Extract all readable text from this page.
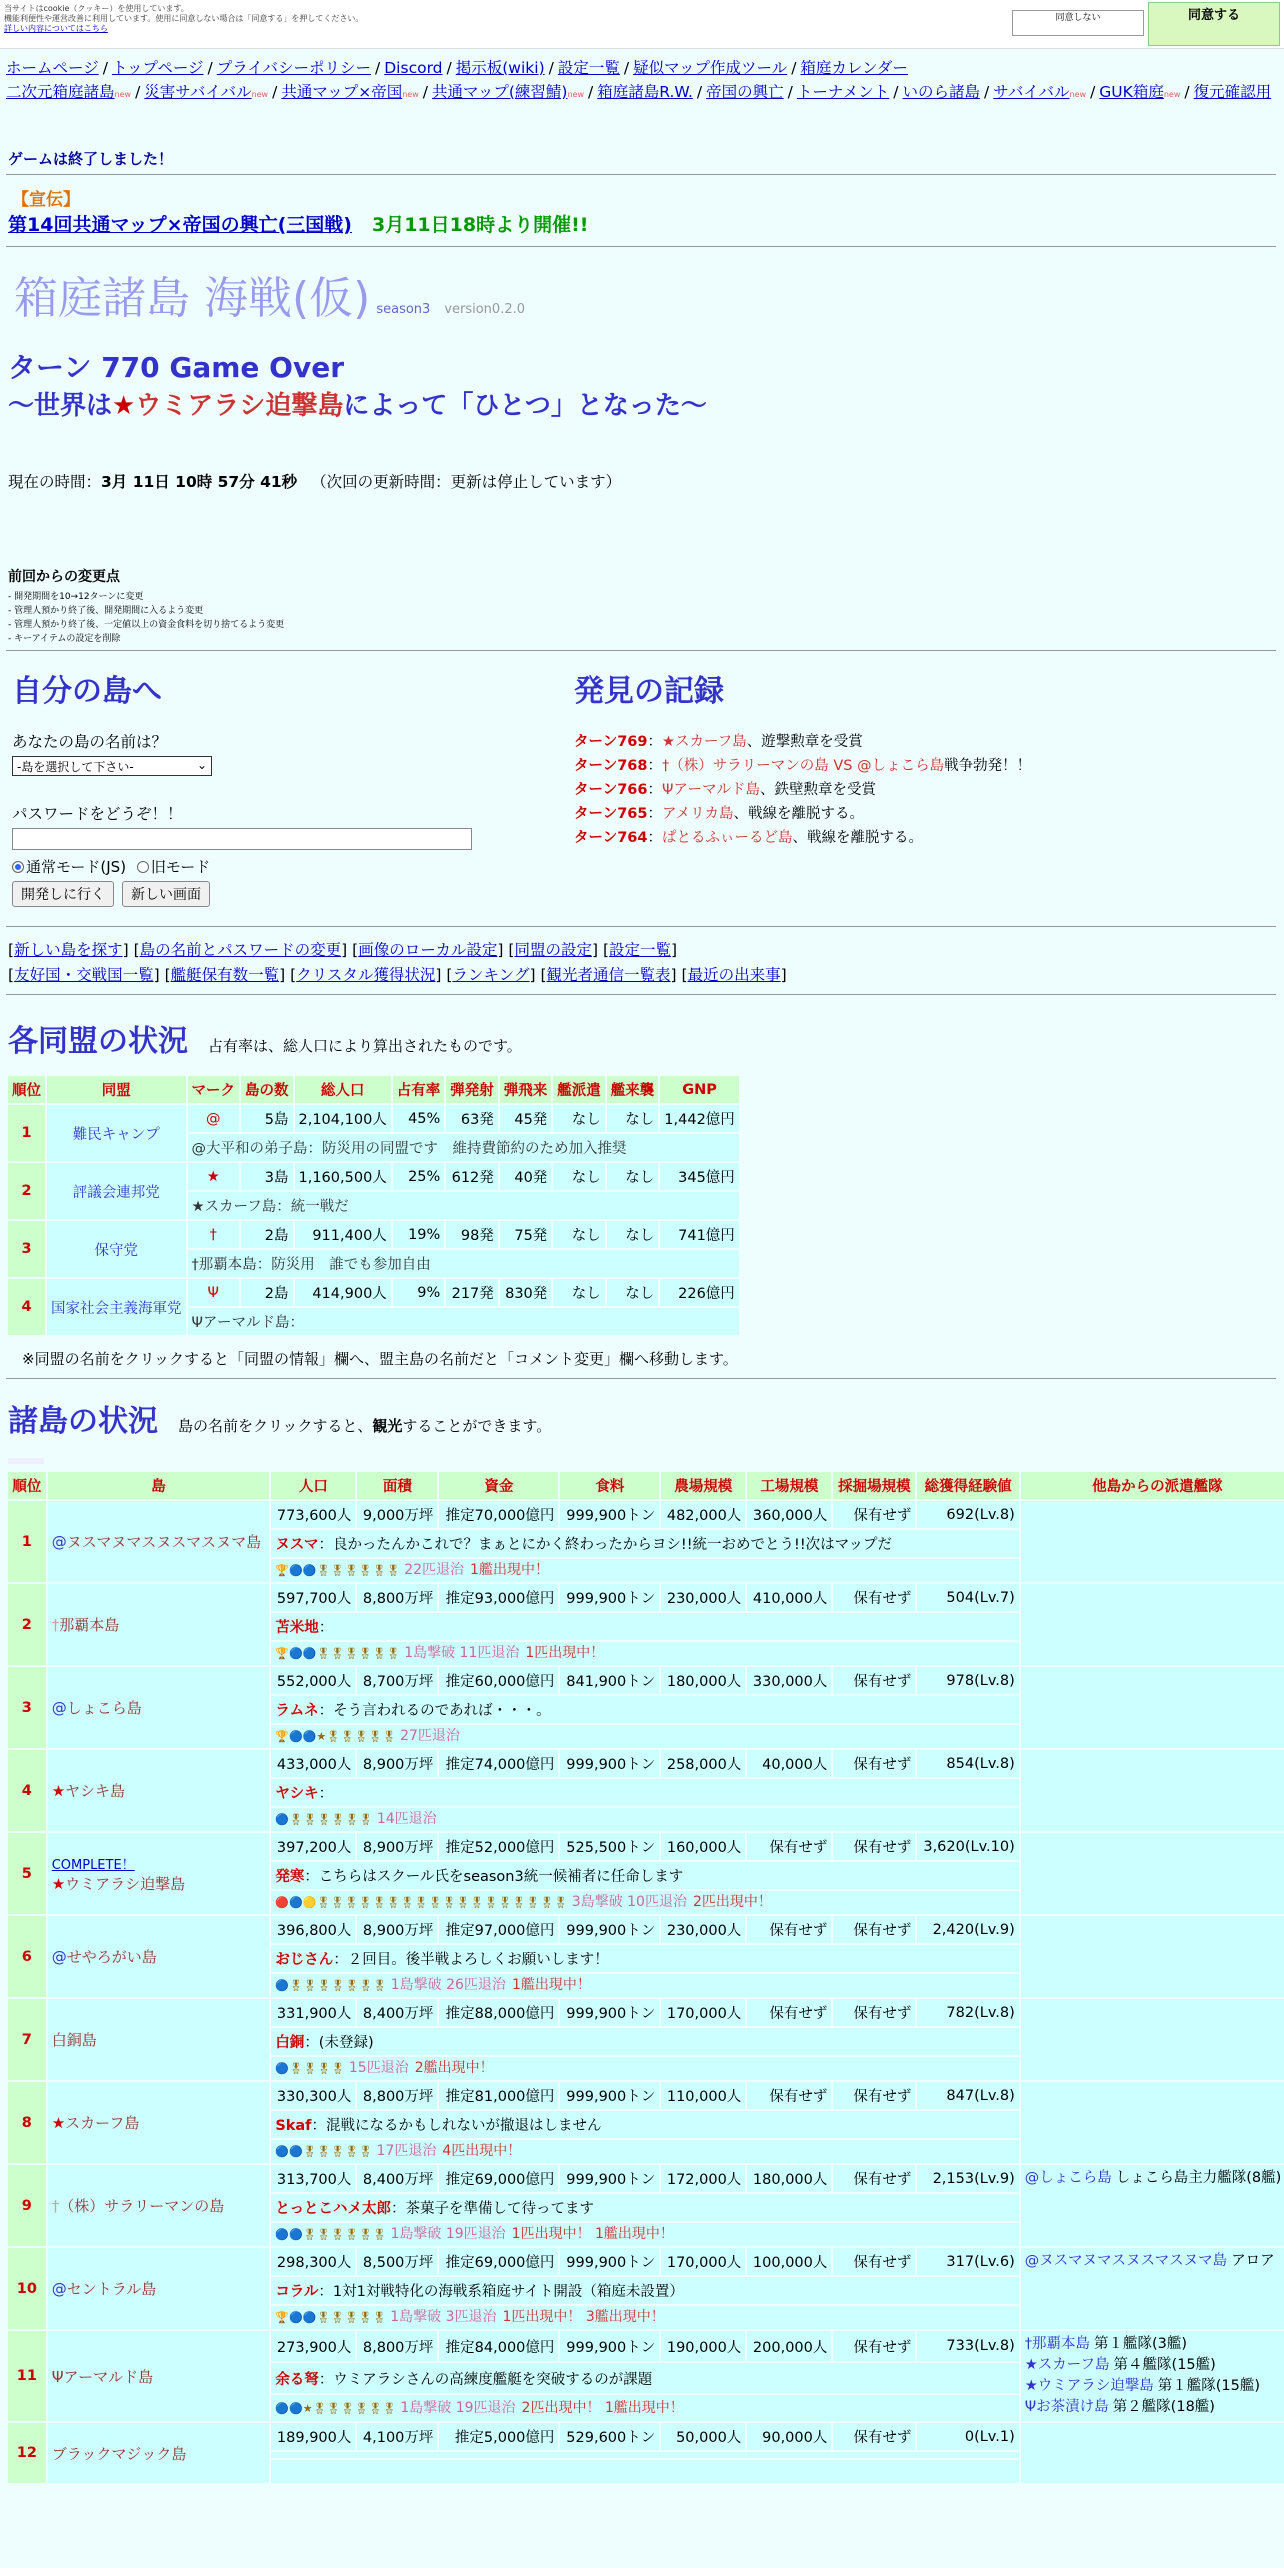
当サイトはcookie（クッキー）を使用しています。
機能利便性や運営改善に利用しています。使用に同意しない場合は「同意する」を押してください。
詳しい内容についてはこちら
同意しない	同意する
ホームページ / トップページ / プライバシーポリシー / Discord / 掲示板(wiki) / 設定一覧 / 疑似マップ作成ツール / 箱庭カレンダー
二次元箱庭諸島new / 災害サバイバルnew / 共通マップ×帝国new / 共通マップ(練習鯖)new / 箱庭諸島R.W. / 帝国の興亡 / トーナメント / いのら諸島 / サバイバルnew / GUK箱庭new / 復元確認用
ゲームは終了しました！
【宣伝】
第14回共通マップ×帝国の興亡(三国戦) 3月11日18時より開催!!
箱庭諸島 海戦(仮) season3 version0.2.0
ターン 770 Game Over
〜世界は★ウミアラシ迫撃島によって「ひとつ」となった〜
現在の時間：3月 11日 10時 57分 41秒 （次回の更新時間：更新は停止しています）
前回からの変更点
- 開発期間を10→12ターンに変更
- 管理人預かり終了後、開発期間に入るよう変更
- 管理人預かり終了後、一定値以上の資金食料を切り捨てるよう変更
- キーアイテムの設定を削除
自分の島へ
あなたの島の名前は？
-島を選択して下さい-	⌄
パスワードをどうぞ！！
通常モード(JS) 旧モード
開発しに行く 新しい画面
発見の記録
ターン769：★スカーフ島、遊撃勲章を受賞
ターン768：†（株）サラリーマンの島 VS @しょこら島戦争勃発！！
ターン766：Ψアーマルド島、鉄壁勲章を受賞
ターン765：アメリカ島、戦線を離脱する。
ターン764：ぱとるふぃーるど島、戦線を離脱する。
[新しい島を探す] [島の名前とパスワードの変更] [画像のローカル設定] [同盟の設定] [設定一覧]
[友好国・交戦国一覧] [艦艇保有数一覧] [クリスタル獲得状況] [ランキング] [観光者通信一覧表] [最近の出来事]
各同盟の状況 占有率は、総人口により算出されたものです。
順位	同盟	マーク	島の数	総人口	占有率	弾発射	弾飛来	艦派遣	艦来襲	GNP
1	難民キャンプ	@	5島	2,104,100人	45%	63発	45発	なし	なし	1,442億円
		@大平和の弟子島：防災用の同盟です　維持費節約のため加入推奨								
2	評議会連邦党	★	3島	1,160,500人	25%	612発	40発	なし	なし	345億円
		★スカーフ島：統一戦だ								
3	保守党	†	2島	911,400人	19%	98発	75発	なし	なし	741億円
		†那覇本島：防災用　誰でも参加自由								
4	国家社会主義海軍党	Ψ	2島	414,900人	9%	217発	830発	なし	なし	226億円
		Ψアーマルド島：								
※同盟の名前をクリックすると「同盟の情報」欄へ、盟主島の名前だと「コメント変更」欄へ移動します。
諸島の状況 島の名前をクリックすると、観光することができます。
順位	島	人口	面積	資金	食料	農場規模	工場規模	採掘場規模	総獲得経験値	他島からの派遣艦隊
1	@ヌスマヌマスヌスマスヌマ島	773,600人	9,000万坪	推定70,000億円	999,900トン	482,000人	360,000人	保有せず	692(Lv.8)	
		ヌスマ：良かったんかこれで？まぁとにかく終わったからヨシ!!統一おめでとう!!次はマップだ								
		🏆🔵🔵🎖🎖🎖🎖🎖🎖 22匹退治 1艦出現中！								
2	†那覇本島	597,700人	8,800万坪	推定93,000億円	999,900トン	230,000人	410,000人	保有せず	504(Lv.7)	
		苫米地：								
		🏆🔵🔵🎖🎖🎖🎖🎖🎖 1島撃破 11匹退治 1匹出現中！								
3	@しょこら島	552,000人	8,700万坪	推定60,000億円	841,900トン	180,000人	330,000人	保有せず	978(Lv.8)	
		ラムネ：そう言われるのであれば・・・。								
		🏆🔵🔵★🎖🎖🎖🎖🎖 27匹退治								
4	★ヤシキ島	433,000人	8,900万坪	推定74,000億円	999,900トン	258,000人	40,000人	保有せず	854(Lv.8)	
		ヤシキ：								
		🔵🎖🎖🎖🎖🎖🎖 14匹退治								
5	COMPLETE！
★ウミアラシ迫撃島	397,200人	8,900万坪	推定52,000億円	525,500トン	160,000人	保有せず	保有せず	3,620(Lv.10)	
		発寒：こちらはスクール氏をseason3統一候補者に任命します								
		🔴🔵🟡🎖🎖🎖🎖🎖🎖🎖🎖🎖🎖🎖🎖🎖🎖🎖🎖🎖🎖 3島撃破 10匹退治 2匹出現中！								
6	@せやろがい島	396,800人	8,900万坪	推定97,000億円	999,900トン	230,000人	保有せず	保有せず	2,420(Lv.9)	
		おじさん：２回目。後半戦よろしくお願いします！								
		🔵🎖🎖🎖🎖🎖🎖🎖 1島撃破 26匹退治 1艦出現中！								
7	白銅島	331,900人	8,400万坪	推定88,000億円	999,900トン	170,000人	保有せず	保有せず	782(Lv.8)	
		白銅：(未登録)								
		🔵🎖🎖🎖🎖 15匹退治 2艦出現中！								
8	★スカーフ島	330,300人	8,800万坪	推定81,000億円	999,900トン	110,000人	保有せず	保有せず	847(Lv.8)	
		Skaf：混戦になるかもしれないが撤退はしません								
		🔵🔵🎖🎖🎖🎖🎖 17匹退治 4匹出現中！								
9	†（株）サラリーマンの島	313,700人	8,400万坪	推定69,000億円	999,900トン	172,000人	180,000人	保有せず	2,153(Lv.9)	@しょこら島 しょこら島主力艦隊(8艦)

		とっとこハメ太郎：茶菓子を準備して待ってます								
		🔵🔵🎖🎖🎖🎖🎖🎖 1島撃破 19匹退治 1匹出現中！ 1艦出現中！								
10	@セントラル島	298,300人	8,500万坪	推定69,000億円	999,900トン	170,000人	100,000人	保有せず	317(Lv.6)	@ヌスマヌマスヌスマスヌマ島 アロア

		コラル：1対1対戦特化の海戦系箱庭サイト開設（箱庭未設置）								
		🏆🔵🔵🎖🎖🎖🎖🎖 1島撃破 3匹退治 1匹出現中！ 3艦出現中！								
11	Ψアーマルド島	273,900人	8,800万坪	推定84,000億円	999,900トン	190,000人	200,000人	保有せず	733(Lv.8)	†那覇本島 第１艦隊(3艦)
★スカーフ島 第４艦隊(15艦)
★ウミアラシ迫撃島 第１艦隊(15艦)
Ψお茶漬け島 第２艦隊(18艦)

		余る弩：ウミアラシさんの高練度艦艇を突破するのが課題								
		🔵🔵★🎖🎖🎖🎖🎖🎖 1島撃破 19匹退治 2匹出現中！ 1艦出現中！								
12	ブラックマジック島	189,900人	4,100万坪	推定5,000億円	529,600トン	50,000人	90,000人	保有せず	0(Lv.1)	
